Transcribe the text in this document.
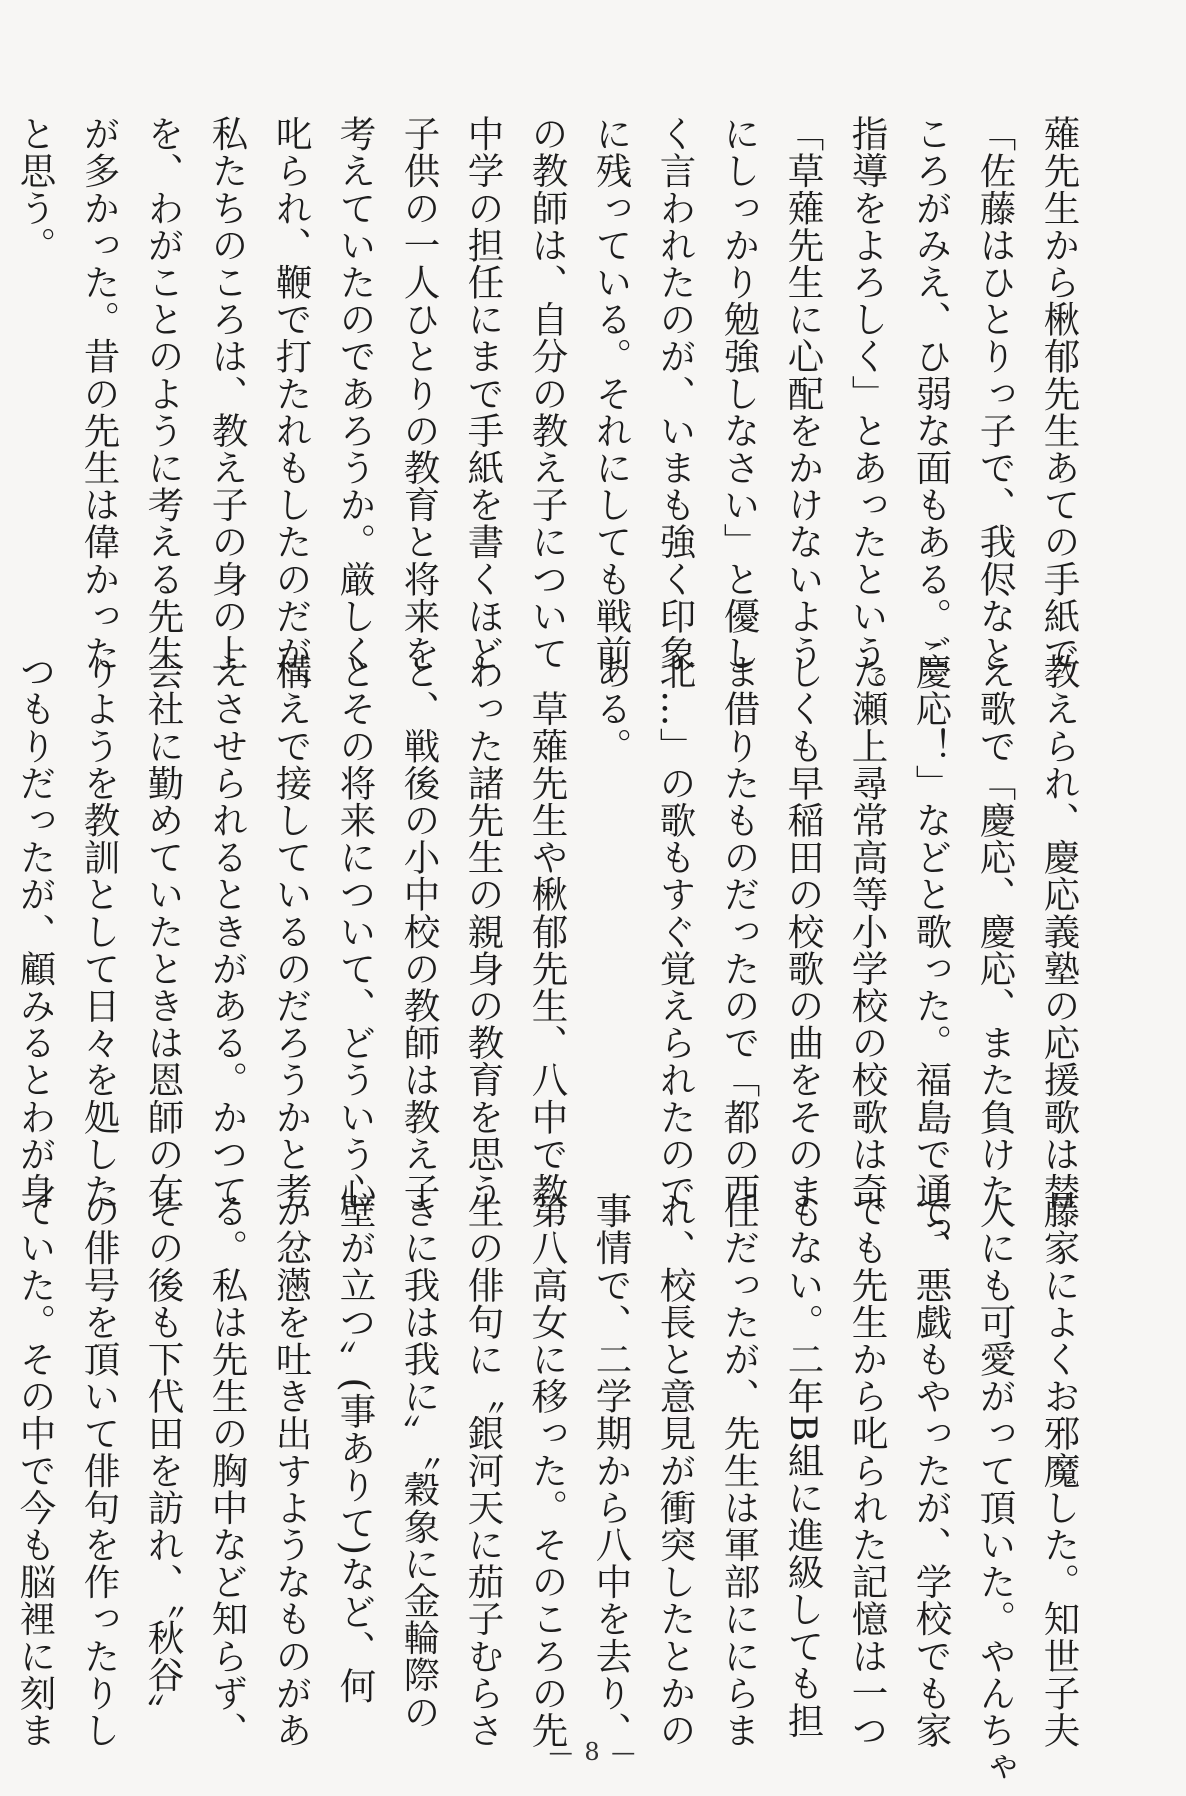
薙先生から楸郁先生あての手紙で
「佐藤はひとりっ子で、我侭なと
ころがみえ、ひ弱な面もある。ご
指導をよろしく」とあったという。
「草薙先生に心配をかけないよう
にしっかり勉強しなさい」と優し
く言われたのが、いまも強く印象
に残っている。それにしても戦前
の教師は、自分の教え子について
中学の担任にまで手紙を書くほど
子供の一人ひとりの教育と将来を
考えていたのであろうか。厳しく
叱られ、鞭で打たれもしたのだが、
私たちのころは、教え子の身の上
を、わがことのように考える先生
が多かった。昔の先生は偉かった
と思う。
教えられ、慶応義塾の応援歌は替
え歌で「慶応、慶応、また負けた
慶応！」などと歌った。福島で通っ
た瀬上尋常高等小学校の校歌は奇
しくも早稲田の校歌の曲をそのま
ま借りたものだったので「都の西
北…」の歌もすぐ覚えられたので
ある。
　草薙先生や楸郁先生、八中で教
わった諸先生の親身の教育を思う
と、戦後の小中校の教師は教え子
とその将来について、どういう心
構えで接しているのだろうかと考
えさせられるときがある。かつて
会社に勤めていたときは恩師の在
りようを教訓として日々を処した
つもりだったが、顧みるとわが身
藤家によくお邪魔した。知世子夫
人にも可愛がって頂いた。やんちゃ
で、悪戯もやったが、学校でも家
でも先生から叱られた記憶は一つ
もない。二年B組に進級しても担
任だったが、先生は軍部ににらま
れ、校長と意見が衝突したとかの
事情で、二学期から八中を去り、
第八高女に移った。そのころの先
生の俳句に〝銀河天に茄子むらさ
きに我は我に〟〝穀象に金輪際の
壁が立つ〟(事ありて)など、何
か忿懣を吐き出すようなものがあ
る。私は先生の胸中など知らず、
その後も下代田を訪れ、〝秋谷〟
の俳号を頂いて俳句を作ったりし
ていた。その中で今も脳裡に刻ま
— 8 —
